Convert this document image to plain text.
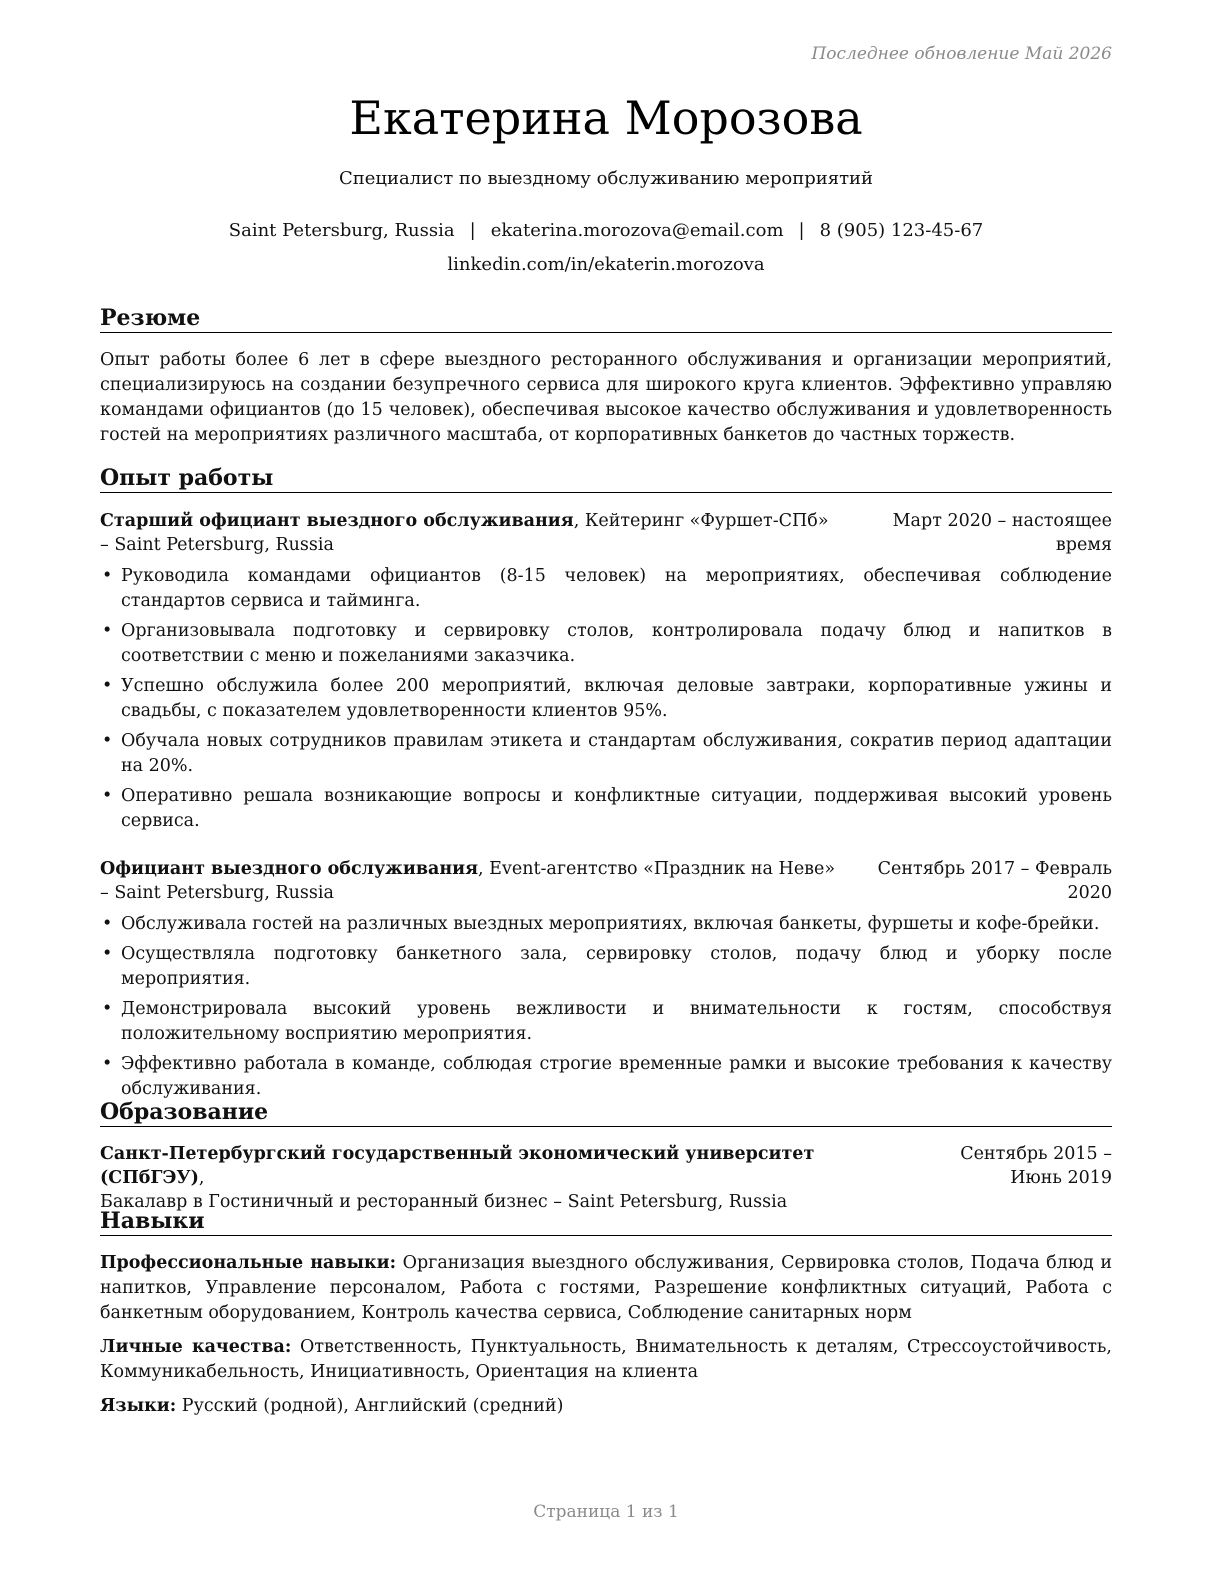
Последнее обновление Май 2026
Екатерина Морозова
Специалист по выездному обслуживанию мероприятий
Saint Petersburg, Russia | ekaterina.morozova@email.com | 8 (905) 123-45-67
linkedin.com/in/ekaterin.morozova
Резюме
Опыт работы более 6 лет в сфере выездного ресторанного обслуживания и организации мероприятий, специализируюсь на создании безупречного сервиса для широкого круга клиентов. Эффективно управляю командами официантов (до 15 человек), обеспечивая высокое качество обслуживания и удовлетворенность гостей на мероприятиях различного масштаба, от корпоративных банкетов до частных торжеств.
Опыт работы
Старший официант выездного обслуживания, Кейтеринг «Фуршет-СПб» – Saint Petersburg, Russia
Март 2020 – настоящее время
• Руководила командами официантов (8-15 человек) на мероприятиях, обеспечивая соблюдение стандартов сервиса и тайминга.
• Организовывала подготовку и сервировку столов, контролировала подачу блюд и напитков в соответствии с меню и пожеланиями заказчика.
• Успешно обслужила более 200 мероприятий, включая деловые завтраки, корпоративные ужины и свадьбы, с показателем удовлетворенности клиентов 95%.
• Обучала новых сотрудников правилам этикета и стандартам обслуживания, сократив период адаптации на 20%.
• Оперативно решала возникающие вопросы и конфликтные ситуации, поддерживая высокий уровень сервиса.
Официант выездного обслуживания, Event-агентство «Праздник на Неве» – Saint Petersburg, Russia
Сентябрь 2017 – Февраль 2020
• Обслуживала гостей на различных выездных мероприятиях, включая банкеты, фуршеты и кофе-брейки.
• Осуществляла подготовку банкетного зала, сервировку столов, подачу блюд и уборку после мероприятия.
• Демонстрировала высокий уровень вежливости и внимательности к гостям, способствуя положительному восприятию мероприятия.
• Эффективно работала в команде, соблюдая строгие временные рамки и высокие требования к качеству обслуживания.
Образование
Санкт-Петербургский государственный экономический университет (СПбГЭУ),
Бакалавр в Гостиничный и ресторанный бизнес – Saint Petersburg, Russia
Сентябрь 2015 – Июнь 2019
Навыки
Профессиональные навыки: Организация выездного обслуживания, Сервировка столов, Подача блюд и напитков, Управление персоналом, Работа с гостями, Разрешение конфликтных ситуаций, Работа с банкетным оборудованием, Контроль качества сервиса, Соблюдение санитарных норм
Личные качества: Ответственность, Пунктуальность, Внимательность к деталям, Стрессоустойчивость, Коммуникабельность, Инициативность, Ориентация на клиента
Языки: Русский (родной), Английский (средний)
Страница 1 из 1
